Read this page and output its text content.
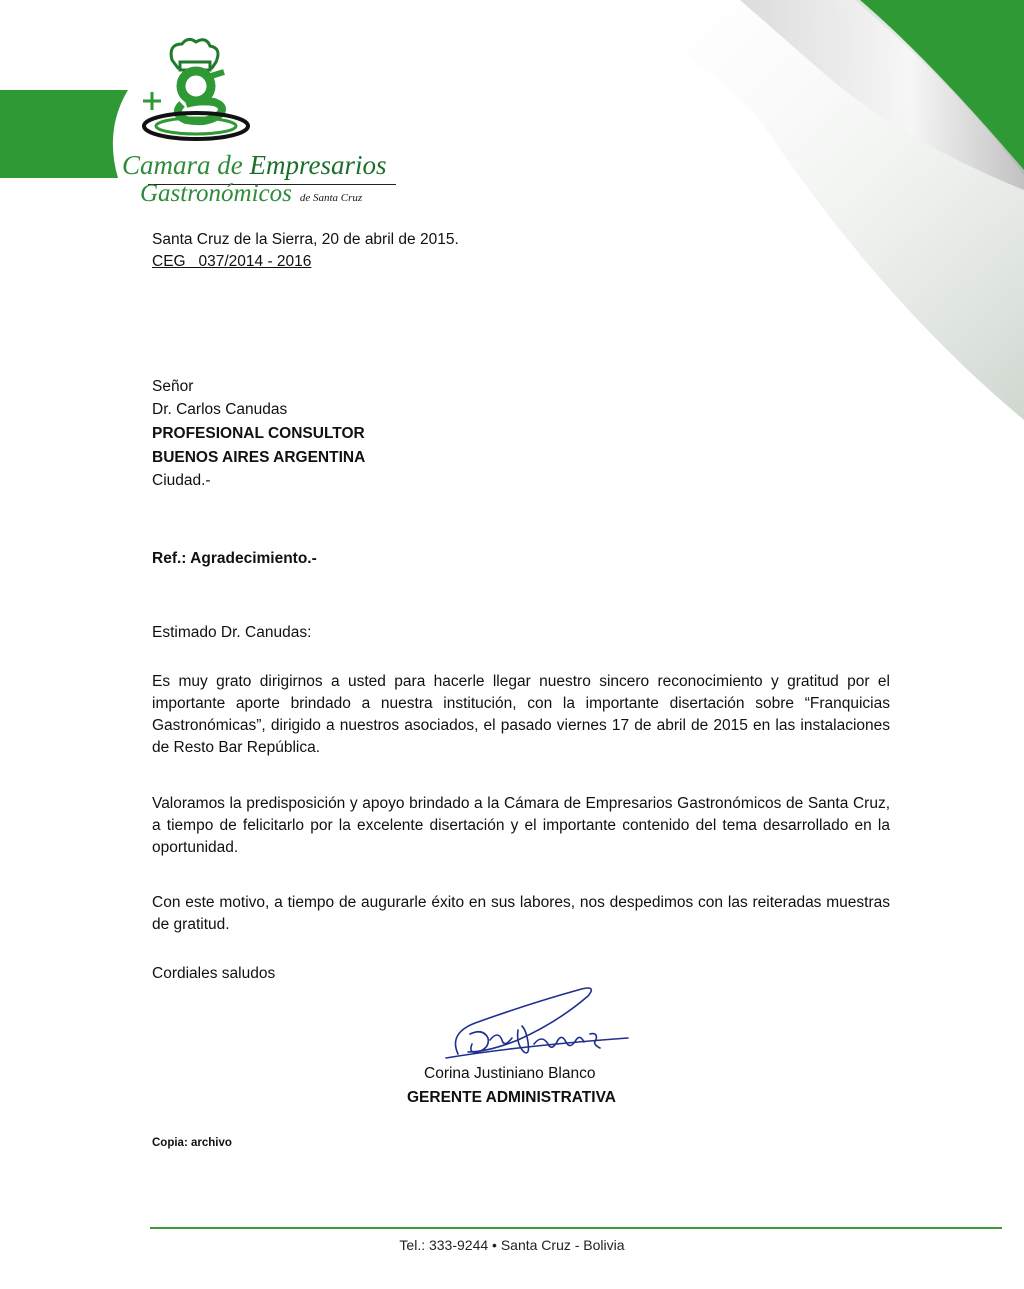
Camara de Empresarios
Gastronómicos de Santa Cruz
Santa Cruz de la Sierra, 20 de abril de 2015.
CEG   037/2014 - 2016
Señor
Dr. Carlos Canudas
PROFESIONAL CONSULTOR
BUENOS AIRES ARGENTINA
Ciudad.-
Ref.: Agradecimiento.-
Estimado Dr. Canudas:
Es muy grato dirigirnos a usted para hacerle llegar nuestro sincero reconocimiento y gratitud por el importante aporte brindado a nuestra institución, con la importante disertación sobre “Franquicias Gastronómicas”, dirigido a nuestros asociados, el pasado viernes 17 de abril de 2015 en las instalaciones de Resto Bar República.
Valoramos la predisposición y apoyo brindado a la Cámara de Empresarios Gastronómicos de Santa Cruz, a tiempo de felicitarlo por la excelente disertación y el importante contenido del tema desarrollado en la oportunidad.
Con este motivo, a tiempo de augurarle éxito en sus labores, nos despedimos con las reiteradas muestras de gratitud.
Cordiales saludos
Corina Justiniano Blanco
GERENTE ADMINISTRATIVA
Copia: archivo
Tel.: 333-9244 • Santa Cruz - Bolivia
